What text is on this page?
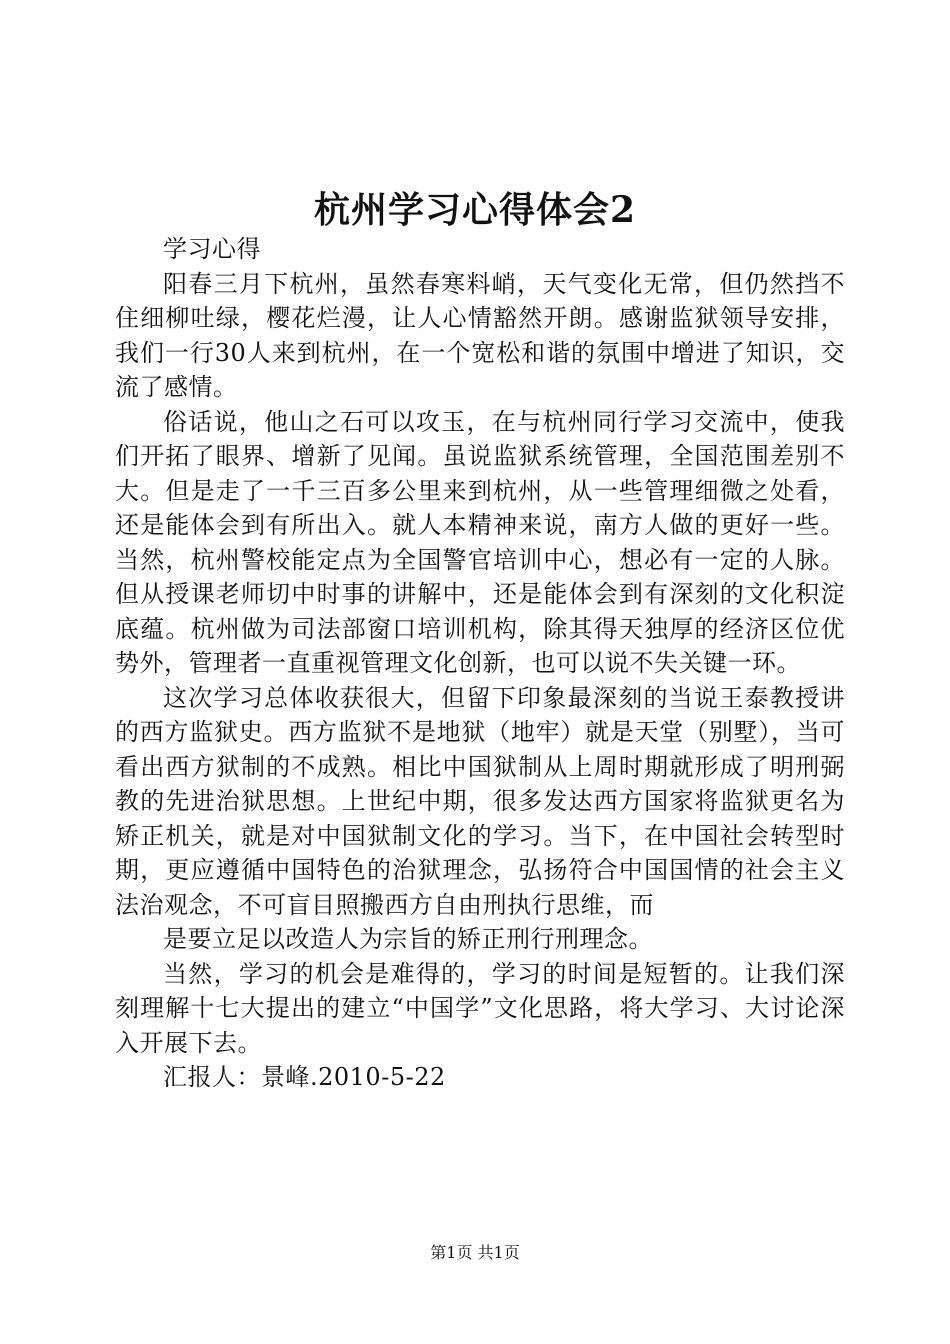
杭州学习心得体会2

学习心得

阳春三月下杭州，虽然春寒料峭，天气变化无常，但仍然挡不住细柳吐绿，樱花烂漫，让人心情豁然开朗。感谢监狱领导安排，我们一行30人来到杭州，在一个宽松和谐的氛围中增进了知识，交流了感情。

俗话说，他山之石可以攻玉，在与杭州同行学习交流中，使我们开拓了眼界、增新了见闻。虽说监狱系统管理，全国范围差别不大。但是走了一千三百多公里来到杭州，从一些管理细微之处看，还是能体会到有所出入。就人本精神来说，南方人做的更好一些。当然，杭州警校能定点为全国警官培训中心，想必有一定的人脉。但从授课老师切中时事的讲解中，还是能体会到有深刻的文化积淀底蕴。杭州做为司法部窗口培训机构，除其得天独厚的经济区位优势外，管理者一直重视管理文化创新，也可以说不失关键一环。

这次学习总体收获很大，但留下印象最深刻的当说王泰教授讲的西方监狱史。西方监狱不是地狱（地牢）就是天堂（别墅），当可看出西方狱制的不成熟。相比中国狱制从上周时期就形成了明刑弼教的先进治狱思想。上世纪中期，很多发达西方国家将监狱更名为矫正机关，就是对中国狱制文化的学习。当下，在中国社会转型时期，更应遵循中国特色的治狱理念，弘扬符合中国国情的社会主义法治观念，不可盲目照搬西方自由刑执行思维，而

是要立足以改造人为宗旨的矫正刑行刑理念。

当然，学习的机会是难得的，学习的时间是短暂的。让我们深刻理解十七大提出的建立“中国学”文化思路，将大学习、大讨论深入开展下去。

汇报人：景峰.2010-5-22

第1页 共1页
